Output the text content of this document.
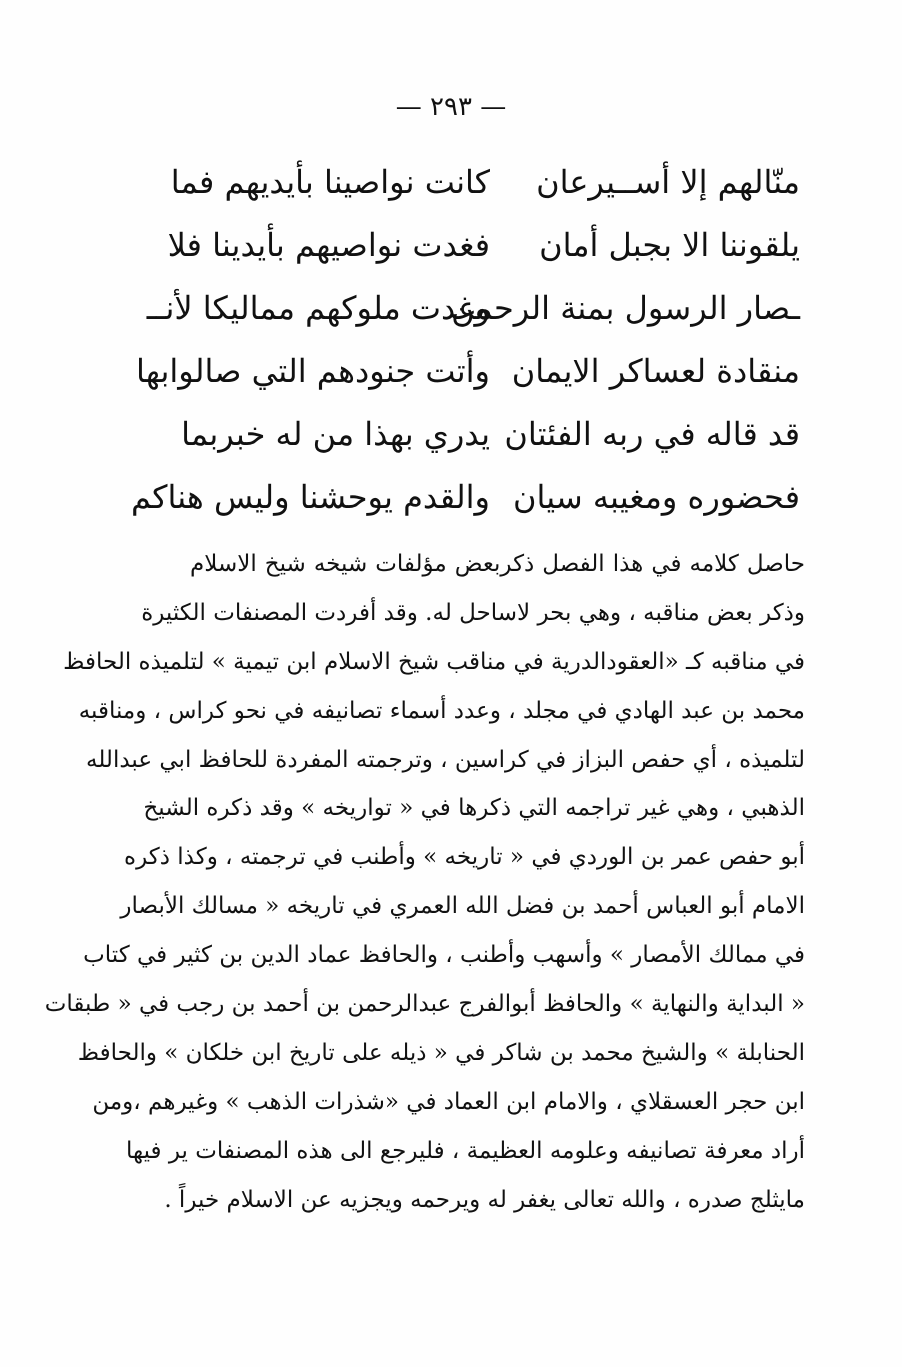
— ٢٩٣ —
كانت نواصينا بأيديهم فما	منّالهم إلا أســيرعان
فغدت نواصيهم بأيدينا فلا	يلقوننا الا بجبل أمان
وغدت ملوكهم مماليكا لأنــ
ـصار الرسول بمنة الرحمن
وأتت جنودهم التي صالوابها منقادة لعساكر الايمان
يدري بهذا من له خبربما قد قاله في ربه الفئتان
والقدم يوحشنا وليس هناكم فحضوره ومغيبه سيان
حاصل كلامه في هذا الفصل ذكربعض مؤلفات شيخه شيخ الاسلام
وذكر بعض مناقبه ، وهي بحر لاساحل له. وقد أفردت المصنفات الكثيرة
في مناقبه كـ «العقودالدرية في مناقب شيخ الاسلام ابن تيمية » لتلميذه الحافظ
محمد بن عبد الهادي في مجلد ، وعدد أسماء تصانيفه في نحو كراس ، ومناقبه
لتلميذه ، أي حفص البزاز في كراسين ، وترجمته المفردة للحافظ ابي عبدالله
الذهبي ، وهي غير تراجمه التي ذكرها في « تواريخه » وقد ذكره الشيخ
أبو حفص عمر بن الوردي في « تاريخه » وأطنب في ترجمته ، وكذا ذكره
الامام أبو العباس أحمد بن فضل الله العمري في تاريخه « مسالك الأبصار
في ممالك الأمصار » وأسهب وأطنب ، والحافظ عماد الدين بن كثير في كتاب
« البداية والنهاية » والحافظ أبوالفرج عبدالرحمن بن أحمد بن رجب في « طبقات
الحنابلة » والشيخ محمد بن شاكر في « ذيله على تاريخ ابن خلكان » والحافظ
ابن حجر العسقلاي ، والامام ابن العماد في «شذرات الذهب » وغيرهم ،ومن
أراد معرفة تصانيفه وعلومه العظيمة ، فليرجع الى هذه المصنفات ير فيها
مايثلج صدره ، والله تعالى يغفر له ويرحمه ويجزيه عن الاسلام خيراً .
